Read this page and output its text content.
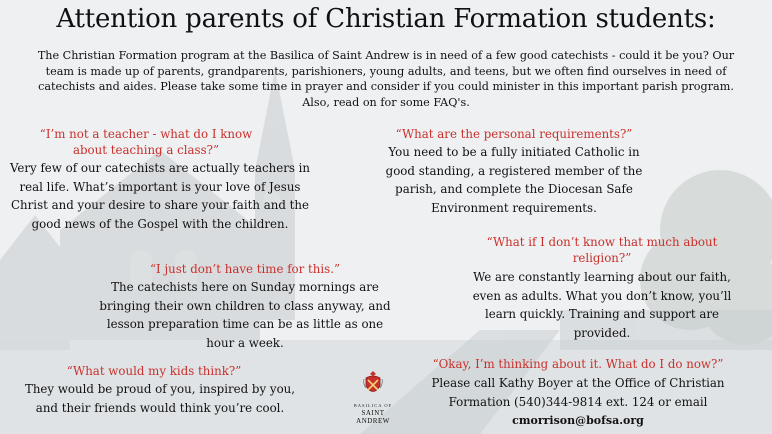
Attention parents of Christian Formation students:
The Christian Formation program at the Basilica of Saint Andrew is in need of a few good catechists - could it be you? Our team is made up of parents, grandparents, parishioners, young adults, and teens, but we often find ourselves in need of catechists and aides. Please take some time in prayer and consider if you could minister in this important parish program. Also, read on for some FAQ's.
“I’m not a teacher - what do I know about teaching a class?”
Very few of our catechists are actually teachers in real life. What’s important is your love of Jesus Christ and your desire to share your faith and the good news of the Gospel with the children.
“I just don’t have time for this.”
The catechists here on Sunday mornings are bringing their own children to class anyway, and lesson preparation time can be as little as one hour a week.
“What would my kids think?”
They would be proud of you, inspired by you, and their friends would think you’re cool.
“What are the personal requirements?”
You need to be a fully initiated Catholic in good standing, a registered member of the parish, and complete the Diocesan Safe Environment requirements.
“What if I don’t know that much about religion?”
We are constantly learning about our faith, even as adults. What you don’t know, you’ll learn quickly. Training and support are provided.
“Okay, I’m thinking about it. What do I do now?”
Please call Kathy Boyer at the Office of Christian Formation (540)344-9814 ext. 124 or email
cmorrison@bofsa.org
BASILICA OF
SAINT ANDREW
